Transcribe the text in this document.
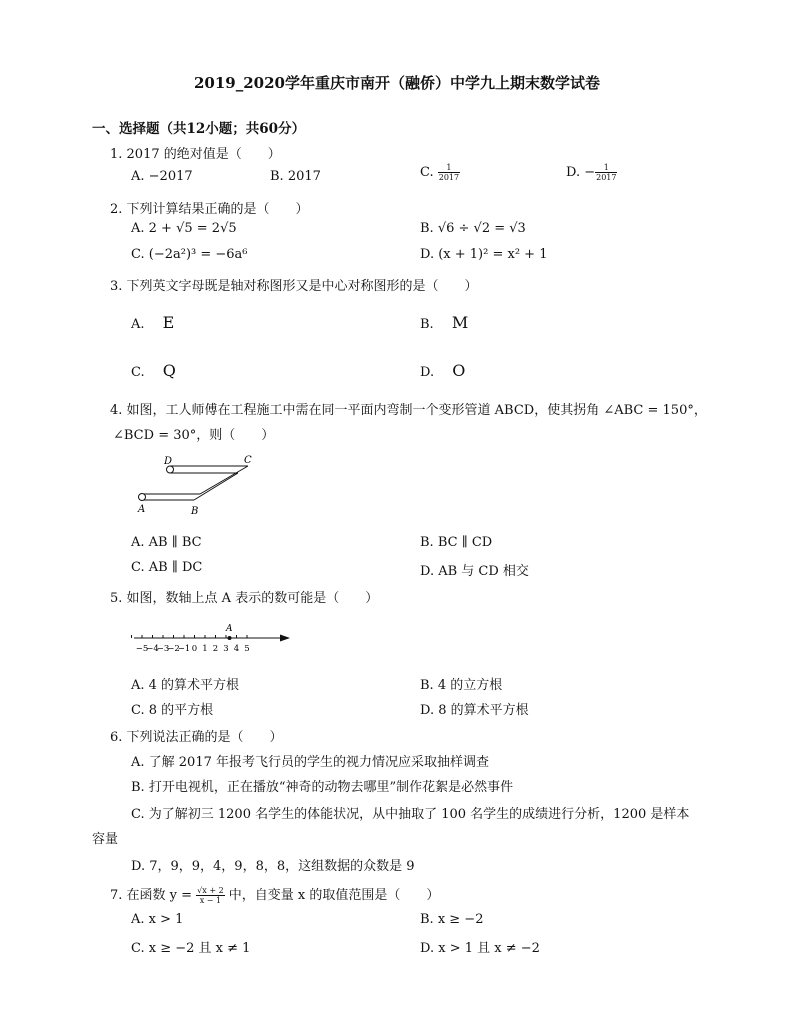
2019_2020学年重庆市南开（融侨）中学九上期末数学试卷
一、选择题（共12小题；共60分）
1. 2017 的绝对值是（　　）
A. −2017	B. 2017	C. $\frac{1}{2017}$	D. − $\frac{1}{2017}$
2. 下列计算结果正确的是（　　）
A. 2 + √5 = 2√5	B. √6 ÷ √2 = √3
C. (−2a²)³ = −6a⁶	D. (x + 1)² = x² + 1
3. 下列英文字母既是轴对称图形又是中心对称图形的是（　　）
A. E	B. M
C. Q	D. O
4. 如图，工人师傅在工程施工中需在同一平面内弯制一个变形管道 ABCD，使其拐角 ∠ABC = 150°，
∠BCD = 30°，则（　　）
D	C
A	B
A. AB ∥ BC	B. BC ∥ CD
C. AB ∥ DC	D. AB 与 CD 相交
5. 如图，数轴上点 A 表示的数可能是（　　）
−5
−4
−3
−2
−1 0 1 2 3 4 5
A
A. 4 的算术平方根	B. 4 的立方根
C. 8 的平方根	D. 8 的算术平方根
6. 下列说法正确的是（　　）
A. 了解 2017 年报考飞行员的学生的视力情况应采取抽样调查
B. 打开电视机，正在播放“神奇的动物去哪里”制作花絮是必然事件
C. 为了解初三 1200 名学生的体能状况，从中抽取了 100 名学生的成绩进行分析，1200 是样本
容量
D. 7，9，9，4，9，8，8，这组数据的众数是 9
7. 在函数 $y = \frac{√x + 2}{x - 1}$ 中，自变量 x 的取值范围是（　　）
A. x > 1	B. x ≥ −2
C. x ≥ −2 且 x ≠ 1	D. x > 1 且 x ≠ −2
